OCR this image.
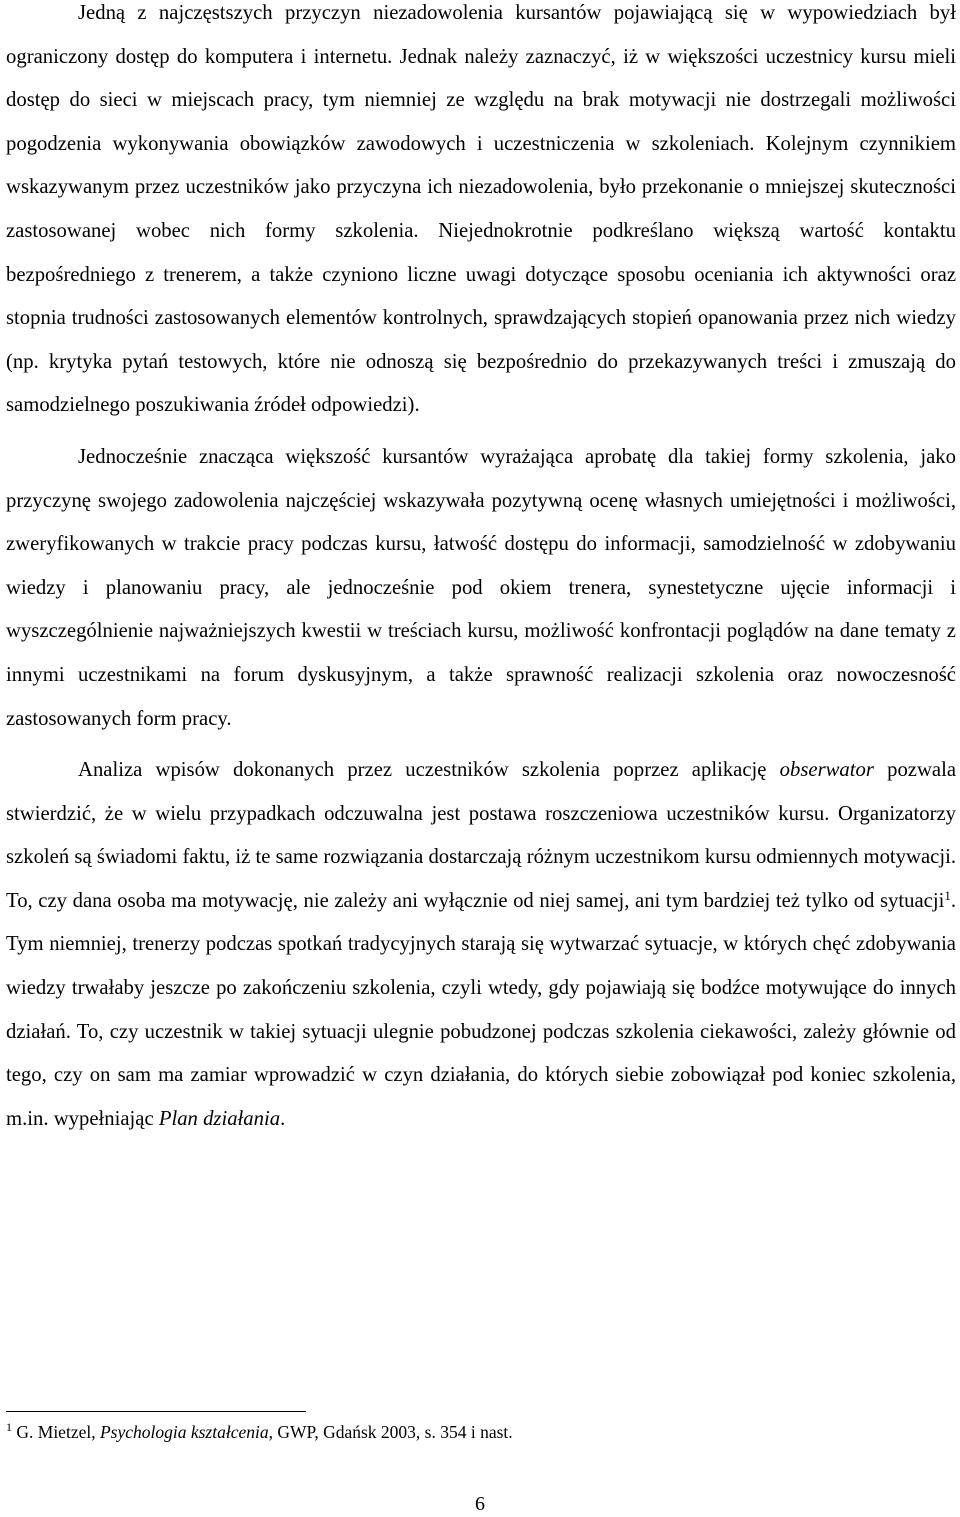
Jedną z najczęstszych przyczyn niezadowolenia kursantów pojawiającą się w wypowiedziach był ograniczony dostęp do komputera i internetu. Jednak należy zaznaczyć, iż w większości uczestnicy kursu mieli dostęp do sieci w miejscach pracy, tym niemniej ze względu na brak motywacji nie dostrzegali możliwości pogodzenia wykonywania obowiązków zawodowych i uczestniczenia w szkoleniach. Kolejnym czynnikiem wskazywanym przez uczestników jako przyczyna ich niezadowolenia, było przekonanie o mniejszej skuteczności zastosowanej wobec nich formy szkolenia. Niejednokrotnie podkreślano większą wartość kontaktu bezpośredniego z trenerem, a także czyniono liczne uwagi dotyczące sposobu oceniania ich aktywności oraz stopnia trudności zastosowanych elementów kontrolnych, sprawdzających stopień opanowania przez nich wiedzy (np. krytyka pytań testowych, które nie odnoszą się bezpośrednio do przekazywanych treści i zmuszają do samodzielnego poszukiwania źródeł odpowiedzi).

Jednocześnie znacząca większość kursantów wyrażająca aprobatę dla takiej formy szkolenia, jako przyczynę swojego zadowolenia najczęściej wskazywała pozytywną ocenę własnych umiejętności i możliwości, zweryfikowanych w trakcie pracy podczas kursu, łatwość dostępu do informacji, samodzielność w zdobywaniu wiedzy i planowaniu pracy, ale jednocześnie pod okiem trenera, synestetyczne ujęcie informacji i wyszczególnienie najważniejszych kwestii w treściach kursu, możliwość konfrontacji poglądów na dane tematy z innymi uczestnikami na forum dyskusyjnym, a także sprawność realizacji szkolenia oraz nowoczesność zastosowanych form pracy.

Analiza wpisów dokonanych przez uczestników szkolenia poprzez aplikację obserwator pozwala stwierdzić, że w wielu przypadkach odczuwalna jest postawa roszczeniowa uczestników kursu. Organizatorzy szkoleń są świadomi faktu, iż te same rozwiązania dostarczają różnym uczestnikom kursu odmiennych motywacji. To, czy dana osoba ma motywację, nie zależy ani wyłącznie od niej samej, ani tym bardziej też tylko od sytuacji$^1$. Tym niemniej, trenerzy podczas spotkań tradycyjnych starają się wytwarzać sytuacje, w których chęć zdobywania wiedzy trwałaby jeszcze po zakończeniu szkolenia, czyli wtedy, gdy pojawiają się bodźce motywujące do innych działań. To, czy uczestnik w takiej sytuacji ulegnie pobudzonej podczas szkolenia ciekawości, zależy głównie od tego, czy on sam ma zamiar wprowadzić w czyn działania, do których siebie zobowiązał pod koniec szkolenia, m.in. wypełniając Plan działania.

$^1$ G. Mietzel, Psychologia kształcenia, GWP, Gdańsk 2003, s. 354 i nast.
6
